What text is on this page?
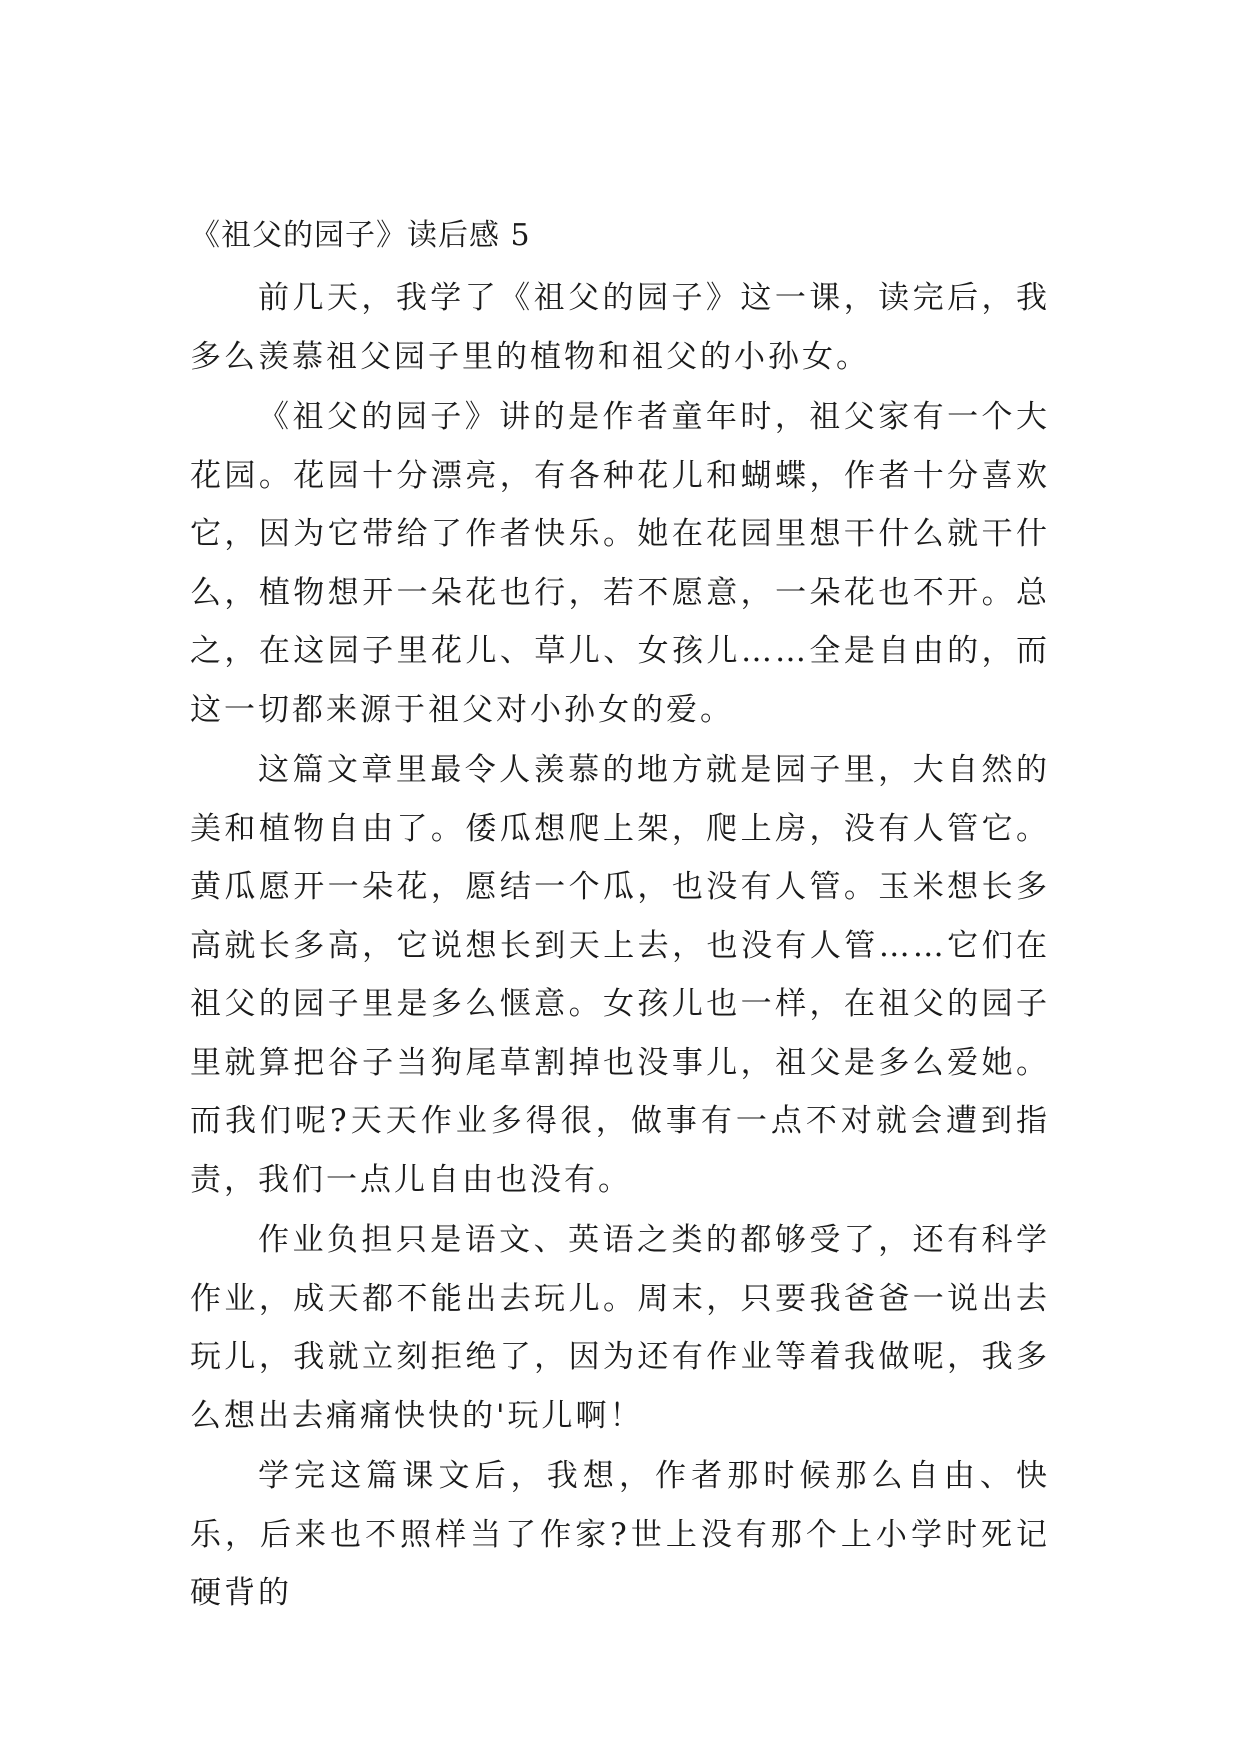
《祖父的园子》读后感 5

前几天，我学了《祖父的园子》这一课，读完后，我多么羡慕祖父园子里的植物和祖父的小孙女。

《祖父的园子》讲的是作者童年时，祖父家有一个大花园。花园十分漂亮，有各种花儿和蝴蝶，作者十分喜欢它，因为它带给了作者快乐。她在花园里想干什么就干什么，植物想开一朵花也行，若不愿意，一朵花也不开。总之，在这园子里花儿、草儿、女孩儿……全是自由的，而这一切都来源于祖父对小孙女的爱。

这篇文章里最令人羡慕的地方就是园子里，大自然的美和植物自由了。倭瓜想爬上架，爬上房，没有人管它。黄瓜愿开一朵花，愿结一个瓜，也没有人管。玉米想长多高就长多高，它说想长到天上去，也没有人管……它们在祖父的园子里是多么惬意。女孩儿也一样，在祖父的园子里就算把谷子当狗尾草割掉也没事儿，祖父是多么爱她。而我们呢?天天作业多得很，做事有一点不对就会遭到指责，我们一点儿自由也没有。

作业负担只是语文、英语之类的都够受了，还有科学作业，成天都不能出去玩儿。周末，只要我爸爸一说出去玩儿，我就立刻拒绝了，因为还有作业等着我做呢，我多么想出去痛痛快快的'玩儿啊！

学完这篇课文后，我想，作者那时候那么自由、快乐，后来也不照样当了作家?世上没有那个上小学时死记硬背的
